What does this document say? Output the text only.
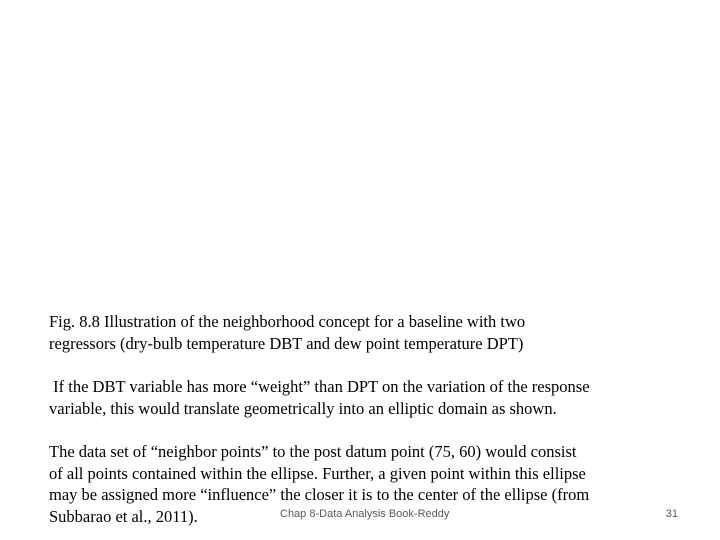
Fig. 8.8 Illustration of the neighborhood concept for a baseline with two
regressors (dry-bulb temperature DBT and dew point temperature DPT)

If the DBT variable has more “weight” than DPT on the variation of the response
variable, this would translate geometrically into an elliptic domain as shown.

The data set of “neighbor points” to the post datum point (75, 60) would consist
of all points contained within the ellipse. Further, a given point within this ellipse
may be assigned more “influence” the closer it is to the center of the ellipse (from
Subbarao et al., 2011).	Chap 8-Data Analysis Book-Reddy	31
